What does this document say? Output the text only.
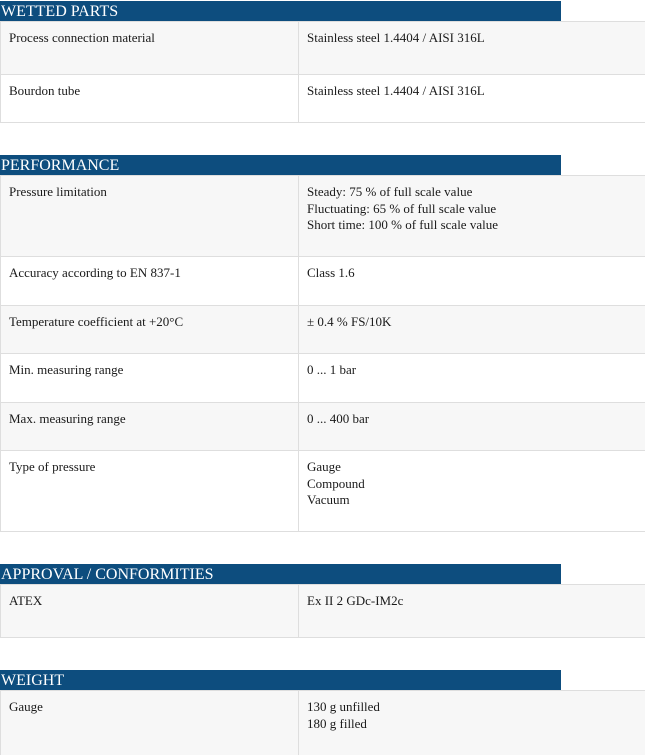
WETTED PARTS
Process connection material	Stainless steel 1.4404 / AISI 316L
Bourdon tube	Stainless steel 1.4404 / AISI 316L
PERFORMANCE
Pressure limitation	Steady: 75 % of full scale value
Fluctuating: 65 % of full scale value
Short time: 100 % of full scale value
Accuracy according to EN 837-1	Class 1.6
Temperature coefficient at +20°C	± 0.4 % FS/10K
Min. measuring range	0 ... 1 bar
Max. measuring range	0 ... 400 bar
Type of pressure	Gauge
Compound
Vacuum
APPROVAL / CONFORMITIES
ATEX	Ex II 2 GDc-IM2c
WEIGHT
Gauge	130 g unfilled
180 g filled
